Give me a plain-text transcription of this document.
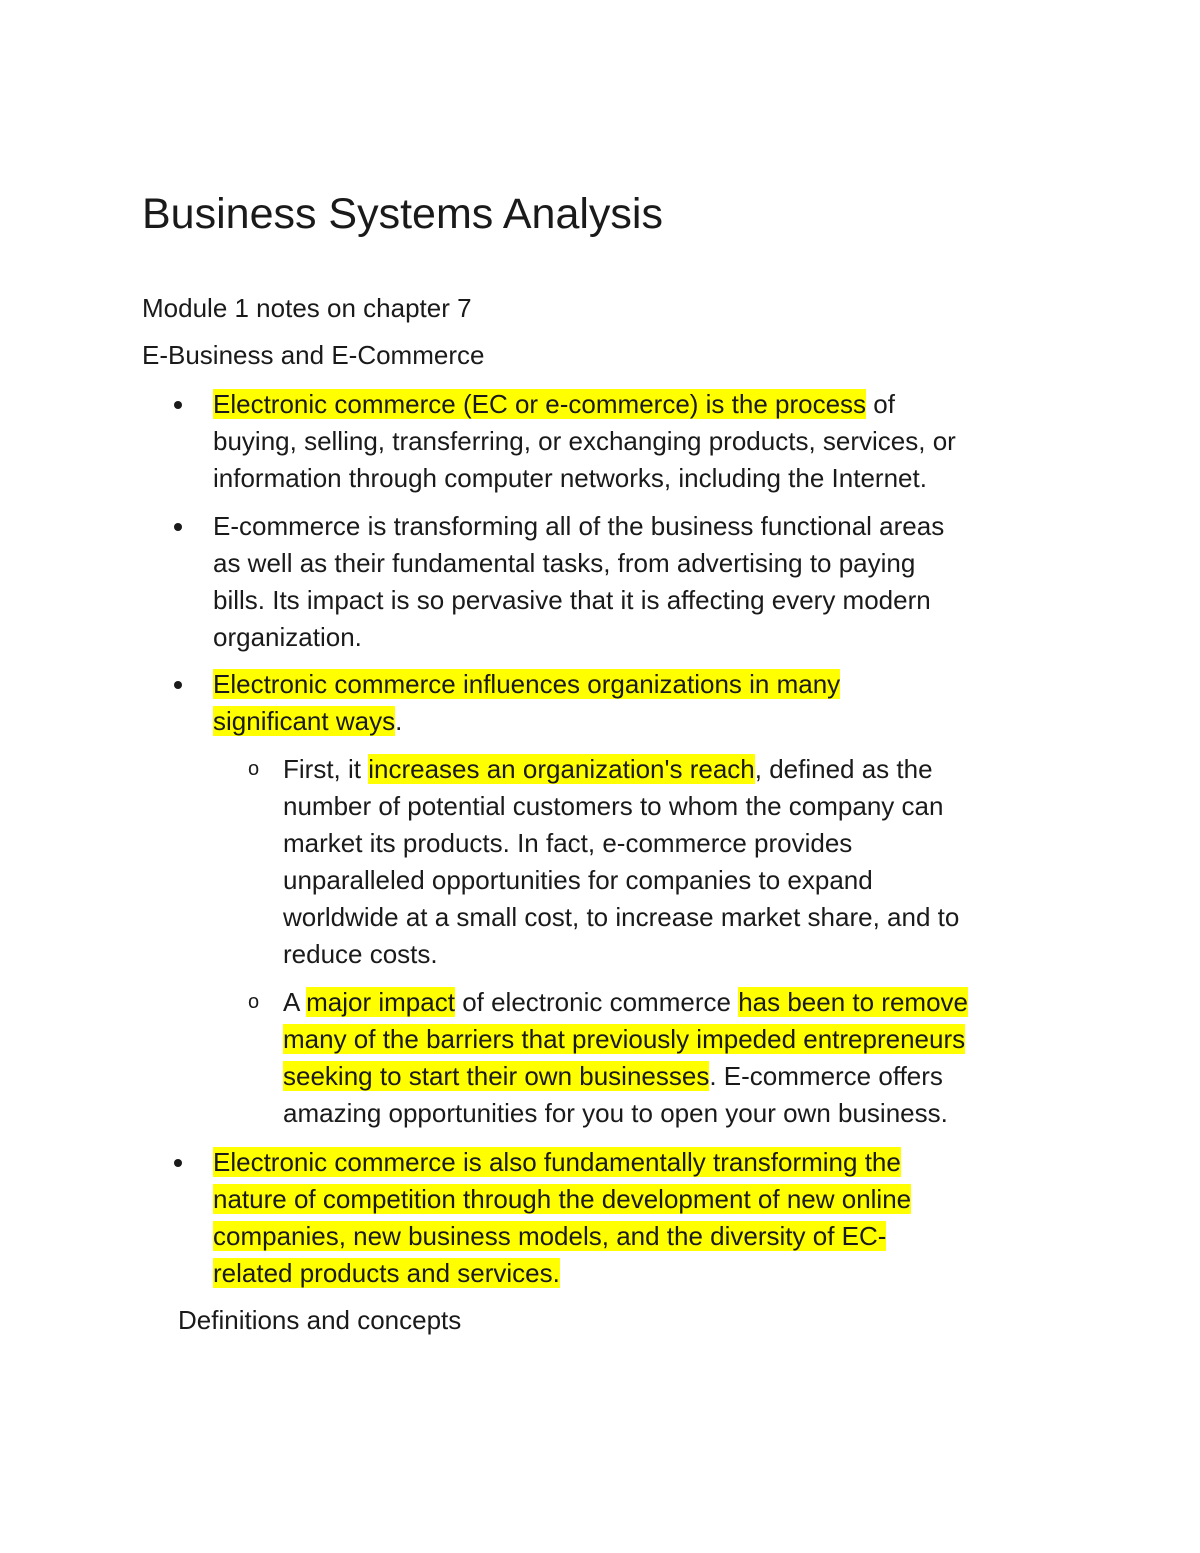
Business Systems Analysis

Module 1 notes on chapter 7

E-Business and E-Commerce

Electronic commerce (EC or e-commerce) is the process of
buying, selling, transferring, or exchanging products, services, or
information through computer networks, including the Internet.
E-commerce is transforming all of the business functional areas
as well as their fundamental tasks, from advertising to paying
bills. Its impact is so pervasive that it is affecting every modern
organization.
Electronic commerce influences organizations in many
significant ways.
o First, it increases an organization's reach, defined as the
number of potential customers to whom the company can
market its products. In fact, e-commerce provides
unparalleled opportunities for companies to expand
worldwide at a small cost, to increase market share, and to
reduce costs.
o A major impact of electronic commerce has been to remove
many of the barriers that previously impeded entrepreneurs
seeking to start their own businesses. E-commerce offers
amazing opportunities for you to open your own business.
Electronic commerce is also fundamentally transforming the
nature of competition through the development of new online
companies, new business models, and the diversity of EC-
related products and services.

Definitions and concepts
